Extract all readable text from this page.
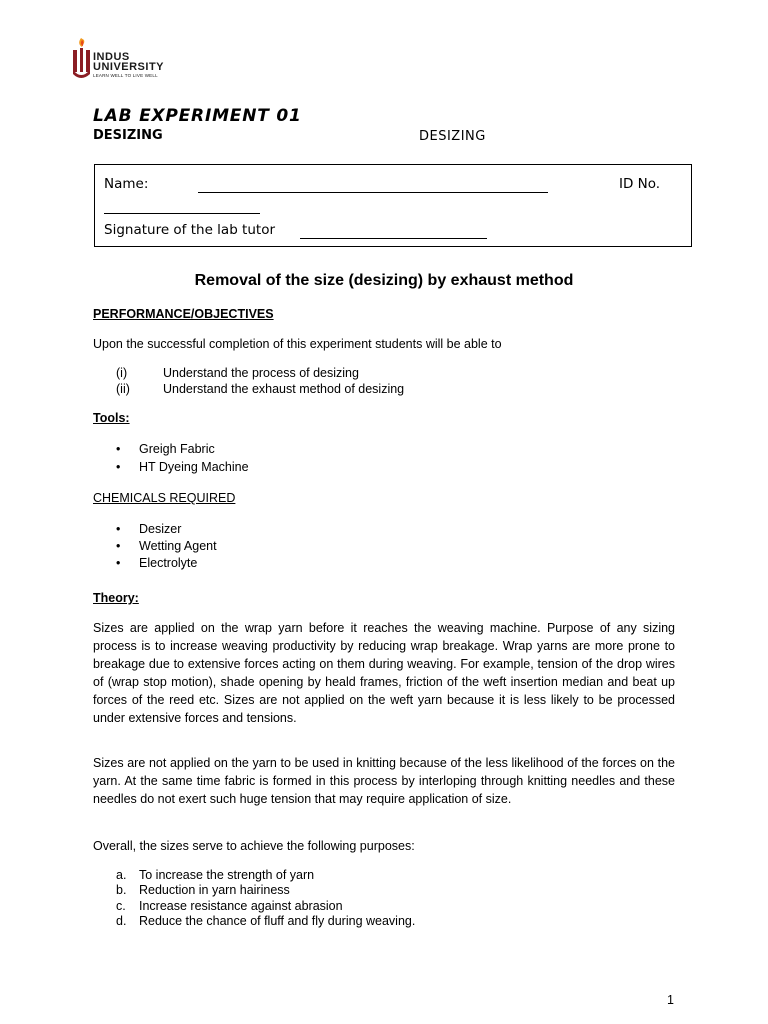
INDUS
UNIVERSITY
LEARN WELL TO LIVE WELL
LAB EXPERIMENT 01
DESIZING	DESIZING
Name:	ID No.
Signature of the lab tutor
Removal of the size (desizing) by exhaust method
PERFORMANCE/OBJECTIVES
Upon the successful completion of this experiment students will be able to
(i)	Understand the process of desizing
(ii)	Understand the exhaust method of desizing
Tools:
• Greigh Fabric
• HT Dyeing Machine
CHEMICALS REQUIRED
• Desizer
• Wetting Agent
• Electrolyte
Theory:
Sizes are applied on the wrap yarn before it reaches the weaving machine. Purpose of any sizing process is to increase weaving productivity by reducing wrap breakage. Wrap yarns are more prone to breakage due to extensive forces acting on them during weaving. For example, tension of the drop wires of (wrap stop motion), shade opening by heald frames, friction of the weft insertion median and beat up forces of the reed etc. Sizes are not applied on the weft yarn because it is less likely to be processed under extensive forces and tensions.
Sizes are not applied on the yarn to be used in knitting because of the less likelihood of the forces on the yarn. At the same time fabric is formed in this process by interloping through knitting needles and these needles do not exert such huge tension that may require application of size.
Overall, the sizes serve to achieve the following purposes:
a. To increase the strength of yarn
b. Reduction in yarn hairiness
c. Increase resistance against abrasion
d. Reduce the chance of fluff and fly during weaving.
1
